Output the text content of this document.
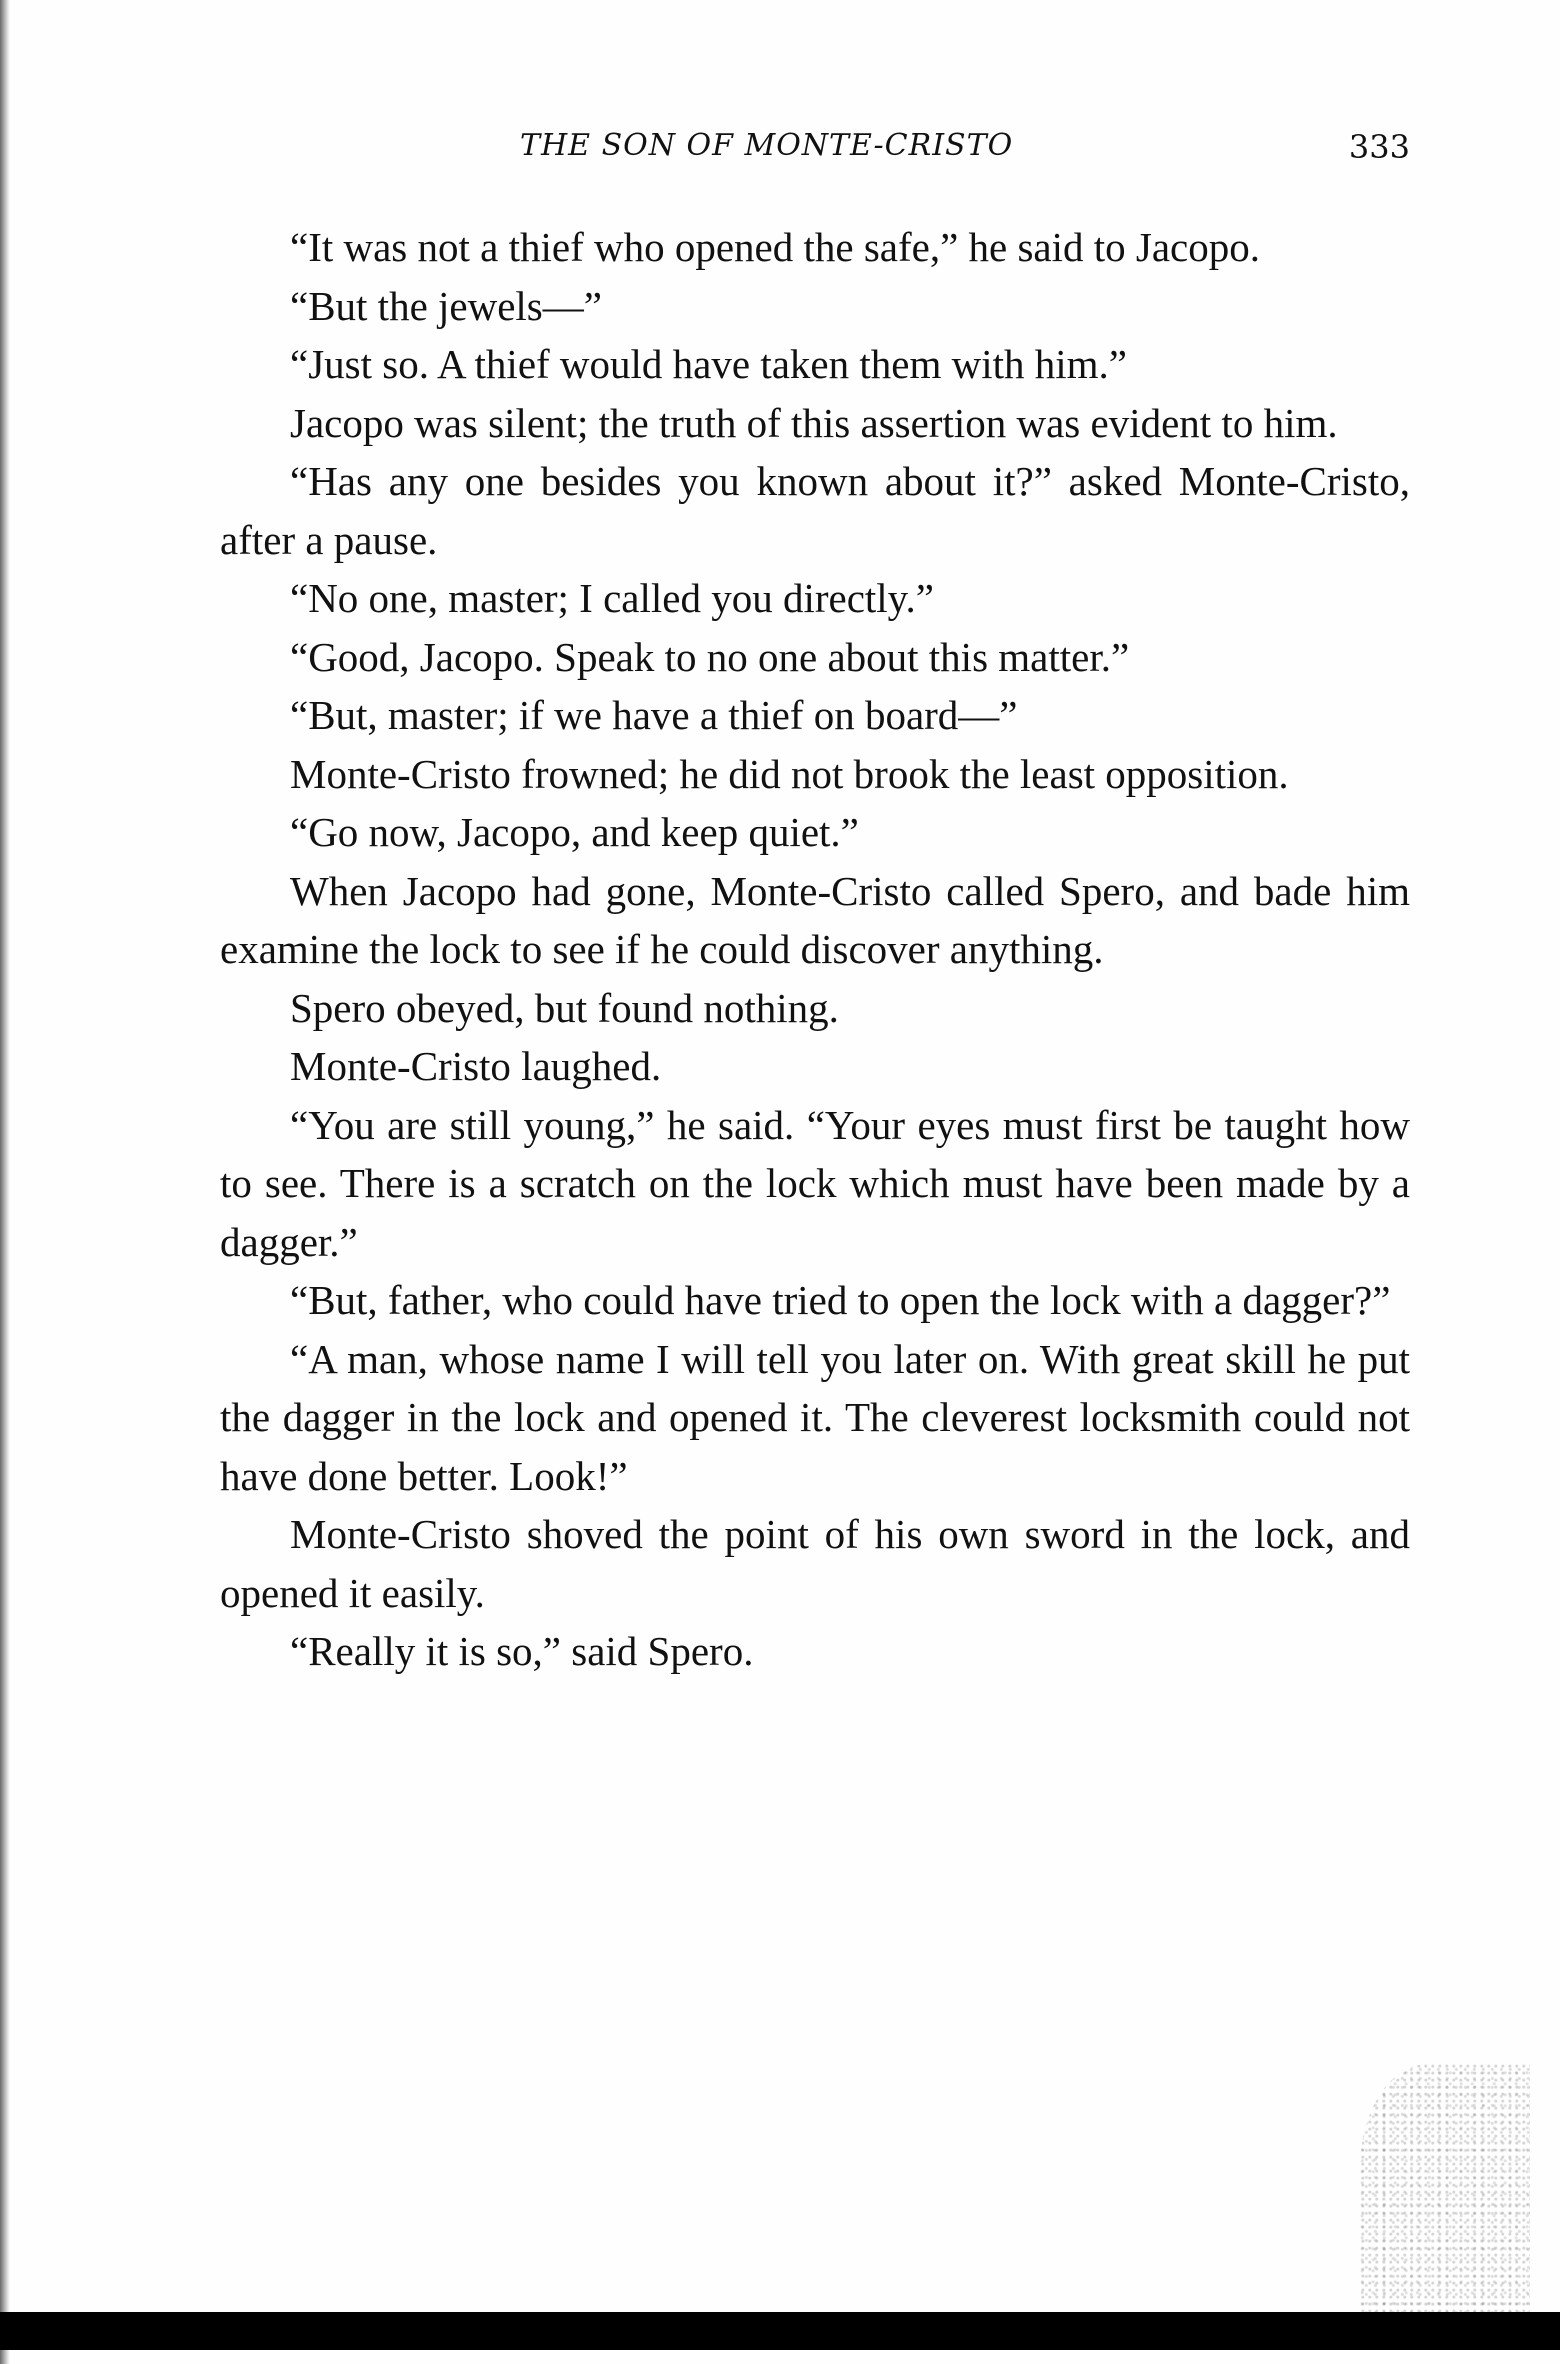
THE SON OF MONTE-CRISTO	333

“It was not a thief who opened the safe,” he said to Jacopo.

“But the jewels—”

“Just so. A thief would have taken them with him.”

Jacopo was silent; the truth of this assertion was evident to him.

“Has any one besides you known about it?” asked Monte-Cristo, after a pause.

“No one, master; I called you directly.”

“Good, Jacopo. Speak to no one about this matter.”

“But, master; if we have a thief on board—”

Monte-Cristo frowned; he did not brook the least opposition.

“Go now, Jacopo, and keep quiet.”

When Jacopo had gone, Monte-Cristo called Spero, and bade him examine the lock to see if he could discover anything.

Spero obeyed, but found nothing.

Monte-Cristo laughed.

“You are still young,” he said. “Your eyes must first be taught how to see. There is a scratch on the lock which must have been made by a dagger.”

“But, father, who could have tried to open the lock with a dagger?”

“A man, whose name I will tell you later on. With great skill he put the dagger in the lock and opened it. The cleverest locksmith could not have done better. Look!”

Monte-Cristo shoved the point of his own sword in the lock, and opened it easily.

“Really it is so,” said Spero.
